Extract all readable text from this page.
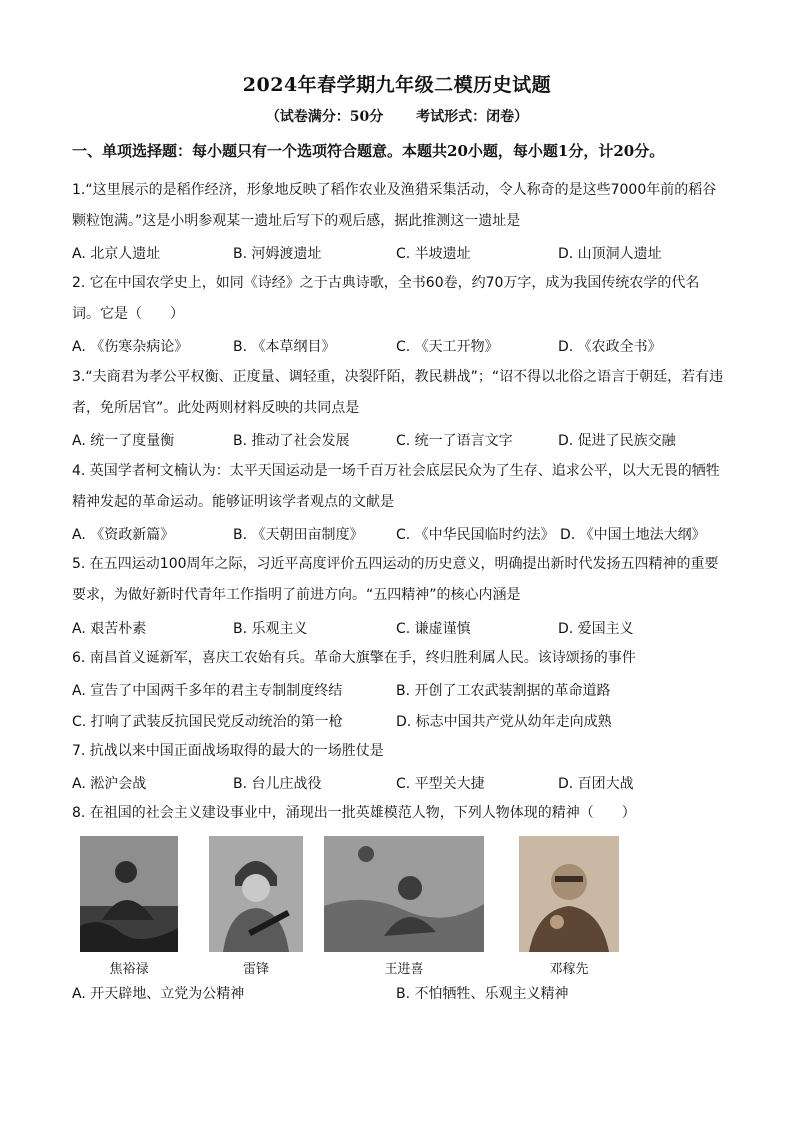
2024年春学期九年级二模历史试题
（试卷满分：50分 考试形式：闭卷）
一、单项选择题：每小题只有一个选项符合题意。本题共20小题，每小题1分，计20分。

1.“这里展示的是稻作经济，形象地反映了稻作农业及渔猎采集活动，令人称奇的是这些7000年前的稻谷

颗粒饱满。”这是小明参观某一遗址后写下的观后感，据此推测这一遗址是

A. 北京人遗址	B. 河姆渡遗址	C. 半坡遗址	D. 山顶洞人遗址

2. 它在中国农学史上，如同《诗经》之于古典诗歌，全书60卷，约70万字，成为我国传统农学的代名

词。它是（　　）

A. 《伤寒杂病论》	B. 《本草纲目》	C. 《天工开物》	D. 《农政全书》

3.“夫商君为孝公平权衡、正度量、调轻重，决裂阡陌，教民耕战”；“诏不得以北俗之语言于朝廷，若有违

者，免所居官”。此处两则材料反映的共同点是

A. 统一了度量衡	B. 推动了社会发展	C. 统一了语言文字	D. 促进了民族交融

4. 英国学者柯文楠认为：太平天国运动是一场千百万社会底层民众为了生存、追求公平，以大无畏的牺牲

精神发起的革命运动。能够证明该学者观点的文献是

A. 《资政新篇》	B. 《天朝田亩制度》 C. 《中华民国临时约法》 D. 《中国土地法大纲》

5. 在五四运动100周年之际，习近平高度评价五四运动的历史意义，明确提出新时代发扬五四精神的重要

要求，为做好新时代青年工作指明了前进方向。“五四精神”的核心内涵是

A. 艰苦朴素	B. 乐观主义	C. 谦虚谨慎	D. 爱国主义

6. 南昌首义诞新军，喜庆工农始有兵。革命大旗擎在手，终归胜利属人民。该诗颂扬的事件

A. 宣告了中国两千多年的君主专制制度终结	B. 开创了工农武装割据的革命道路
C. 打响了武装反抗国民党反动统治的第一枪	D. 标志中国共产党从幼年走向成熟

7. 抗战以来中国正面战场取得的最大的一场胜仗是

A. 淞沪会战	B. 台儿庄战役	C. 平型关大捷	D. 百团大战

8. 在祖国的社会主义建设事业中，涌现出一批英雄模范人物，下列人物体现的精神（　　）

焦裕禄	雷锋	王进喜	邓稼先
A. 开天辟地、立党为公精神	B. 不怕牺牲、乐观主义精神
